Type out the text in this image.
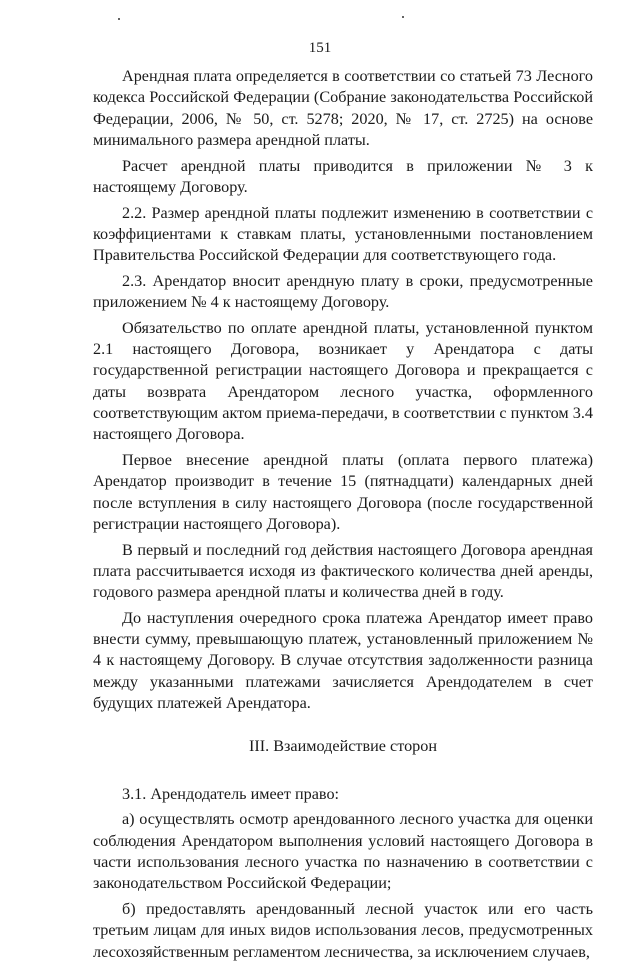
151

Арендная плата определяется в соответствии со статьей 73 Лесного кодекса Российской Федерации (Собрание законодательства Российской Федерации, 2006, № 50, ст. 5278; 2020, № 17, ст. 2725) на основе минимального размера арендной платы.

Расчет арендной платы приводится в приложении № 3 к настоящему Договору.

2.2. Размер арендной платы подлежит изменению в соответствии с коэффициентами к ставкам платы, установленными постановлением Правительства Российской Федерации для соответствующего года.

2.3. Арендатор вносит арендную плату в сроки, предусмотренные приложением № 4 к настоящему Договору.

Обязательство по оплате арендной платы, установленной пунктом 2.1 настоящего Договора, возникает у Арендатора с даты государственной регистрации настоящего Договора и прекращается с даты возврата Арендатором лесного участка, оформленного соответствующим актом приема-передачи, в соответствии с пунктом 3.4 настоящего Договора.

Первое внесение арендной платы (оплата первого платежа) Арендатор производит в течение 15 (пятнадцати) календарных дней после вступления в силу настоящего Договора (после государственной регистрации настоящего Договора).

В первый и последний год действия настоящего Договора арендная плата рассчитывается исходя из фактического количества дней аренды, годового размера арендной платы и количества дней в году.

До наступления очередного срока платежа Арендатор имеет право внести сумму, превышающую платеж, установленный приложением № 4 к настоящему Договору. В случае отсутствия задолженности разница между указанными платежами зачисляется Арендодателем в счет будущих платежей Арендатора.

III. Взаимодействие сторон

3.1. Арендодатель имеет право:

а) осуществлять осмотр арендованного лесного участка для оценки соблюдения Арендатором выполнения условий настоящего Договора в части использования лесного участка по назначению в соответствии с законодательством Российской Федерации;

б) предоставлять арендованный лесной участок или его часть третьим лицам для иных видов использования лесов, предусмотренных лесохозяйственным регламентом лесничества, за исключением случаев,
